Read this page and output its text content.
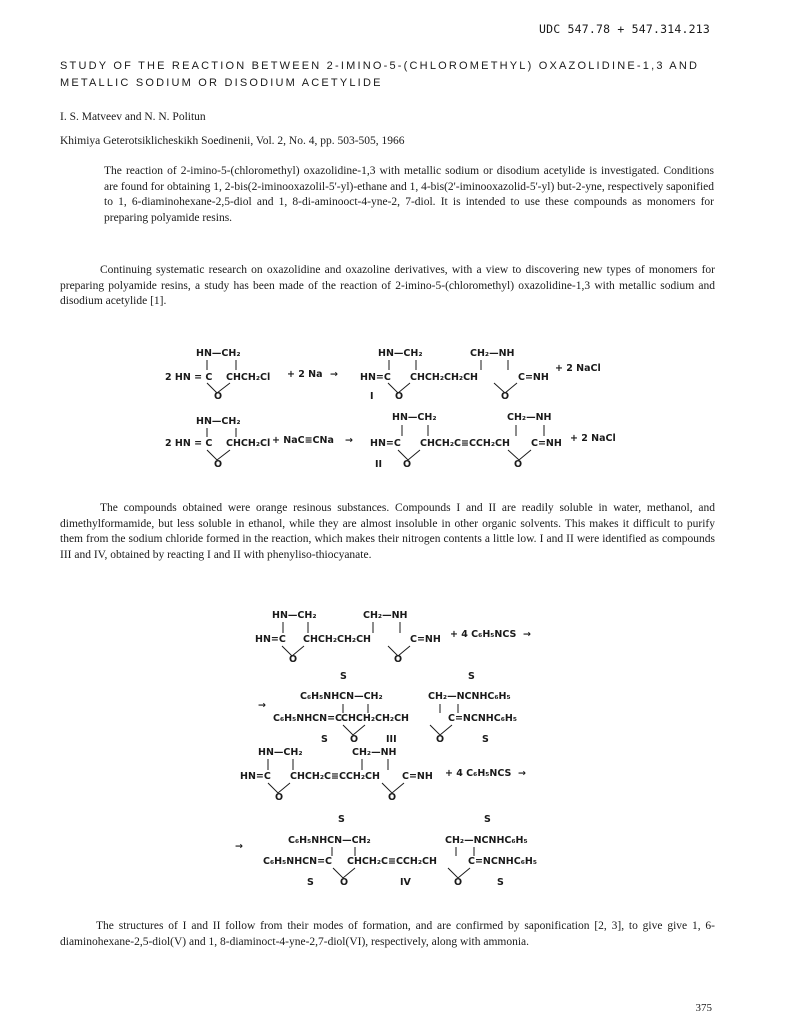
UDC 547.78 + 547.314.213
STUDY OF THE REACTION BETWEEN 2-IMINO-5-(CHLOROMETHYL) OXAZOLIDINE-1,3 AND METALLIC SODIUM OR DISODIUM ACETYLIDE
I. S. Matveev and N. N. Politun
Khimiya Geterotsiklicheskikh Soedinenii, Vol. 2, No. 4, pp. 503-505, 1966
The reaction of 2-imino-5-(chloromethyl) oxazolidine-1,3 with metallic sodium or disodium acetylide is investigated. Conditions are found for obtaining 1, 2-bis(2-iminooxazolil-5'-yl)-ethane and 1, 4-bis(2'-iminooxazolid-5'-yl) but-2-yne, respectively saponified to 1, 6-diaminohexane-2,5-diol and 1, 8-di-aminooct-4-yne-2, 7-diol. It is intended to use these compounds as monomers for preparing polyamide resins.
Continuing systematic research on oxazolidine and oxazoline derivatives, with a view to discovering new types of monomers for preparing polyamide resins, a study has been made of the reaction of 2-imino-5-(chloromethyl) oxazolidine-1,3 with metallic sodium and disodium acetylide [1].
HN—CH₂
2 HN = C CHCH₂Cl
O
+ 2 Na →
HN—CH₂	CH₂—NH
HN=C CHCH₂CH₂CH	C=NH
+ 2 NaCl
O	O
I
HN—CH₂
2 HN = C CHCH₂Cl
O
+ NaC≡CNa →
HN—CH₂	CH₂—NH
HN=C CHCH₂C≡CCH₂CH C=NH + 2 NaCl
O	O
II
HN—CH₂	CH₂—NH
HN=C CHCH₂CH₂CH	C=NH + 4 C₆H₅NCS →
O	O
S	S
C₆H₅NHCN—CH₂	CH₂—NCNHC₆H₅
→
C₆H₅NHCN=C
CHCH₂CH₂CH	C=NCNHC₆H₅
O	O
S	S
III
HN—CH₂	CH₂—NH
HN=C CHCH₂C≡CCH₂CH C=NH + 4 C₆H₅NCS →
O	O
S	S
C₆H₅NHCN—CH₂	CH₂—NCNHC₆H₅
→
C₆H₅NHCN=C CHCH₂C≡CCH₂CH	C=NCNHC₆H₅
O	O
S	S
IV
The compounds obtained were orange resinous substances. Compounds I and II are readily soluble in water, methanol, and dimethylformamide, but less soluble in ethanol, while they are almost insoluble in other organic solvents. This makes it difficult to purify them from the sodium chloride formed in the reaction, which makes their nitrogen contents a little low. I and II were identified as compounds III and IV, obtained by reacting I and II with phenyliso-thiocyanate.
The structures of I and II follow from their modes of formation, and are confirmed by saponification [2, 3], to give give 1, 6-diaminohexane-2,5-diol(V) and 1, 8-diaminoct-4-yne-2,7-diol(VI), respectively, along with ammonia.
375
